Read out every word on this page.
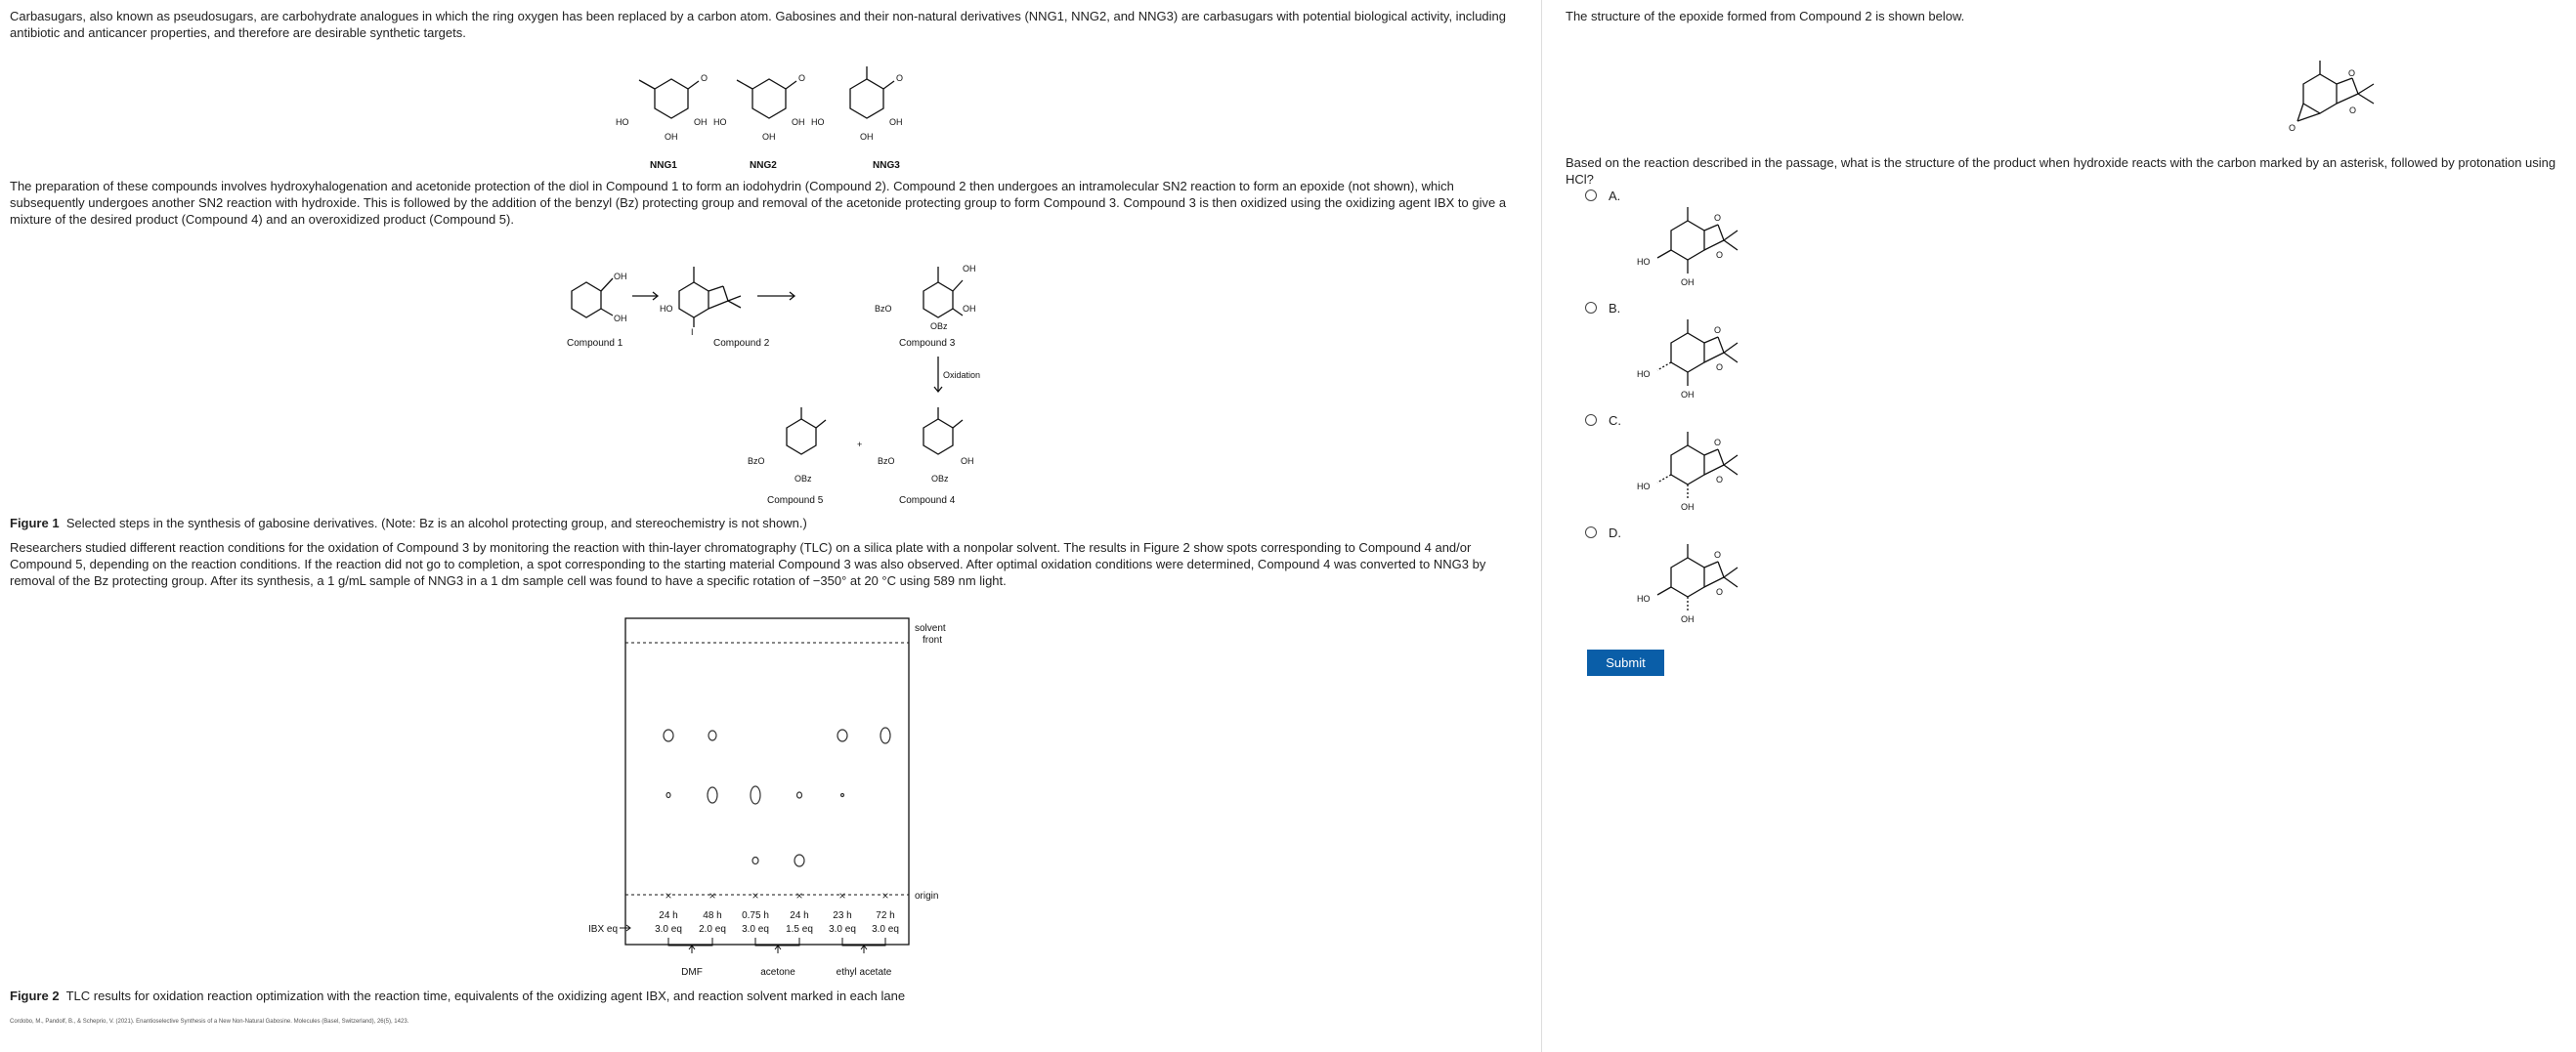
Carbasugars, also known as pseudosugars, are carbohydrate analogues in which the ring oxygen has been replaced by a carbon atom. Gabosines and their non-natural derivatives (NNG1, NNG2, and NNG3) are carbasugars with potential biological activity, including antibiotic and anticancer properties, and therefore are desirable synthetic targets.

HO	OH
OH
O
HO	OH
OH
O
HO	OH
OH
O
NNG1	NNG2	NNG3

The preparation of these compounds involves hydroxyhalogenation and acetonide protection of the diol in Compound 1 to form an iodohydrin (Compound 2). Compound 2 then undergoes an intramolecular SN2 reaction to form an epoxide (not shown), which subsequently undergoes another SN2 reaction with hydroxide. This is followed by the addition of the benzyl (Bz) protecting group and removal of the acetonide protecting group to form Compound 3. Compound 3 is then oxidized using the oxidizing agent IBX to give a mixture of the desired product (Compound 4) and an overoxidized product (Compound 5).

OH
OH
HO
I
BzO
OH
OH
OBz
Oxidation
BzO
OBz
+
BzO	OH
OBz
Compound 1	Compound 2	Compound 3
Compound 5	Compound 4

Figure 1 Selected steps in the synthesis of gabosine derivatives. (Note: Bz is an alcohol protecting group, and stereochemistry is not shown.)

Researchers studied different reaction conditions for the oxidation of Compound 3 by monitoring the reaction with thin-layer chromatography (TLC) on a silica plate with a nonpolar solvent. The results in Figure 2 show spots corresponding to Compound 4 and/or Compound 5, depending on the reaction conditions. If the reaction did not go to completion, a spot corresponding to the starting material Compound 3 was also observed. After optimal oxidation conditions were determined, Compound 4 was converted to NNG3 by removal of the Bz protecting group. After its synthesis, a 1 g/mL sample of NNG3 in a 1 dm sample cell was found to have a specific rotation of −350° at 20 °C using 589 nm light.

×	×	×	×	×	×
solvent
front
origin
IBX eq
24 h	48 h 0.75 h 24 h 23 h 72 h
3.0 eq 2.0 eq 3.0 eq 1.5 eq 3.0 eq 3.0 eq
DMF	acetone	ethyl acetate

Figure 2 TLC results for oxidation reaction optimization with the reaction time, equivalents of the oxidizing agent IBX, and reaction solvent marked in each lane

Cordobo, M., Pandolf, B., & Scheprio, V. (2021). Enantioselective Synthesis of a New Non-Natural Gabosine. Molecules (Basel, Switzerland), 26(5), 1423.

The structure of the epoxide formed from Compound 2 is shown below.

O
O
O

Based on the reaction described in the passage, what is the structure of the product when hydroxide reacts with the carbon marked by an asterisk, followed by protonation using HCl?

A.
B.
C.
D.
HO
OH
O
O
HO
OH
O
O
HO
OH
O
O
HO
OH
O
O
Submit
